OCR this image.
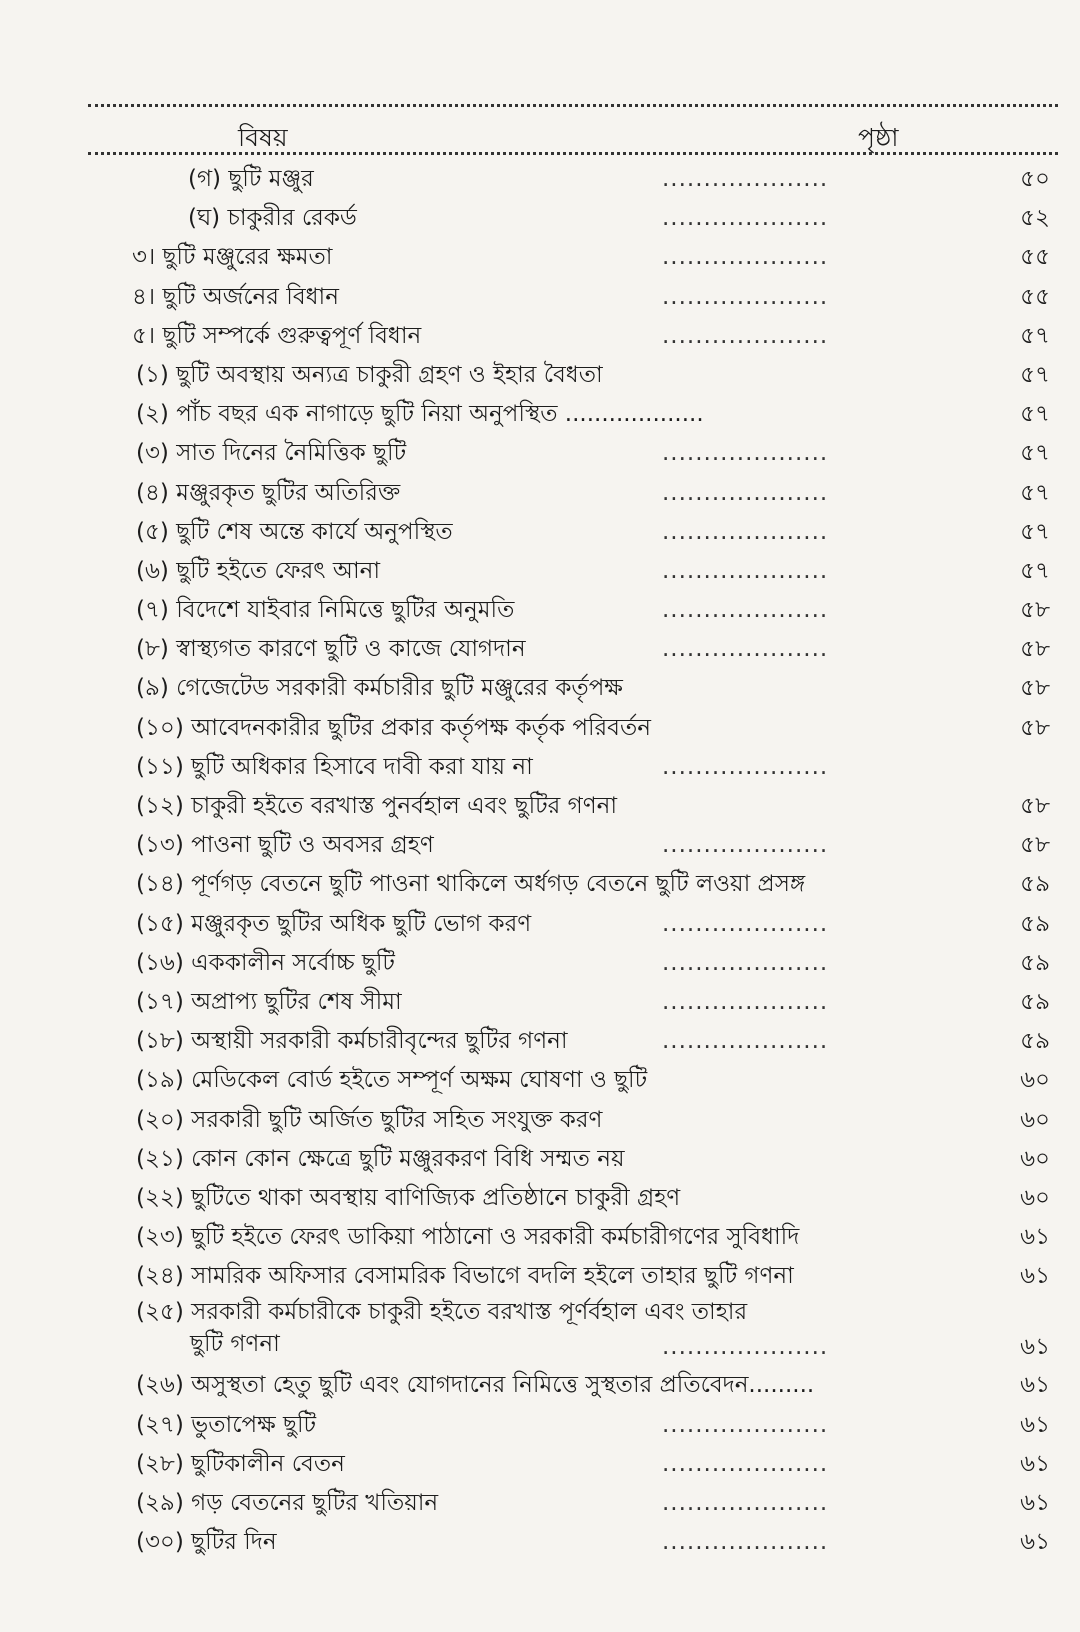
বিষয়	পৃষ্ঠা
(গ) ছুটি মঞ্জুর	....................	৫০
(ঘ) চাকুরীর রেকর্ড	....................	৫২
৩। ছুটি মঞ্জুরের ক্ষমতা	....................	৫৫
৪। ছুটি অর্জনের বিধান	....................	৫৫
৫। ছুটি সম্পর্কে গুরুত্বপূর্ণ বিধান	....................	৫৭
(১) ছুটি অবস্থায় অন্যত্র চাকুরী গ্রহণ ও ইহার বৈধতা	৫৭
(২) পাঁচ বছর এক নাগাড়ে ছুটি নিয়া অনুপস্থিত ...................	৫৭
(৩) সাত দিনের নৈমিত্তিক ছুটি	....................	৫৭
(৪) মঞ্জুরকৃত ছুটির অতিরিক্ত	....................	৫৭
(৫) ছুটি শেষ অন্তে কার্যে অনুপস্থিত	....................	৫৭
(৬) ছুটি হইতে ফেরৎ আনা	....................	৫৭
(৭) বিদেশে যাইবার নিমিত্তে ছুটির অনুমতি	....................	৫৮
(৮) স্বাস্থ্যগত কারণে ছুটি ও কাজে যোগদান	....................	৫৮
(৯) গেজেটেড সরকারী কর্মচারীর ছুটি মঞ্জুরের কর্তৃপক্ষ	৫৮
(১০) আবেদনকারীর ছুটির প্রকার কর্তৃপক্ষ কর্তৃক পরিবর্তন	৫৮
(১১) ছুটি অধিকার হিসাবে দাবী করা যায় না	....................
(১২) চাকুরী হইতে বরখাস্ত পুনর্বহাল এবং ছুটির গণনা	৫৮
(১৩) পাওনা ছুটি ও অবসর গ্রহণ	....................	৫৮
(১৪) পূর্ণগড় বেতনে ছুটি পাওনা থাকিলে অর্ধগড় বেতনে ছুটি লওয়া প্রসঙ্গ	৫৯
(১৫) মঞ্জুরকৃত ছুটির অধিক ছুটি ভোগ করণ	....................	৫৯
(১৬) এককালীন সর্বোচ্চ ছুটি	....................	৫৯
(১৭) অপ্রাপ্য ছুটির শেষ সীমা	....................	৫৯
(১৮) অস্থায়ী সরকারী কর্মচারীবৃন্দের ছুটির গণনা	....................	৫৯
(১৯) মেডিকেল বোর্ড হইতে সম্পূর্ণ অক্ষম ঘোষণা ও ছুটি	৬০
(২০) সরকারী ছুটি অর্জিত ছুটির সহিত সংযুক্ত করণ	৬০
(২১) কোন কোন ক্ষেত্রে ছুটি মঞ্জুরকরণ বিধি সম্মত নয়	৬০
(২২) ছুটিতে থাকা অবস্থায় বাণিজ্যিক প্রতিষ্ঠানে চাকুরী গ্রহণ	৬০
(২৩) ছুটি হইতে ফেরৎ ডাকিয়া পাঠানো ও সরকারী কর্মচারীগণের সুবিধাদি	৬১
(২৪) সামরিক অফিসার বেসামরিক বিভাগে বদলি হইলে তাহার ছুটি গণনা	৬১
(২৫) সরকারী কর্মচারীকে চাকুরী হইতে বরখাস্ত পূর্ণর্বহাল এবং তাহার
ছুটি গণনা	....................	৬১
(২৬) অসুস্থতা হেতু ছুটি এবং যোগদানের নিমিত্তে সুস্থতার প্রতিবেদন.........	৬১
(২৭) ভুতাপেক্ষ ছুটি	....................	৬১
(২৮) ছুটিকালীন বেতন	....................	৬১
(২৯) গড় বেতনের ছুটির খতিয়ান	....................	৬১
(৩০) ছুটির দিন	....................	৬১
